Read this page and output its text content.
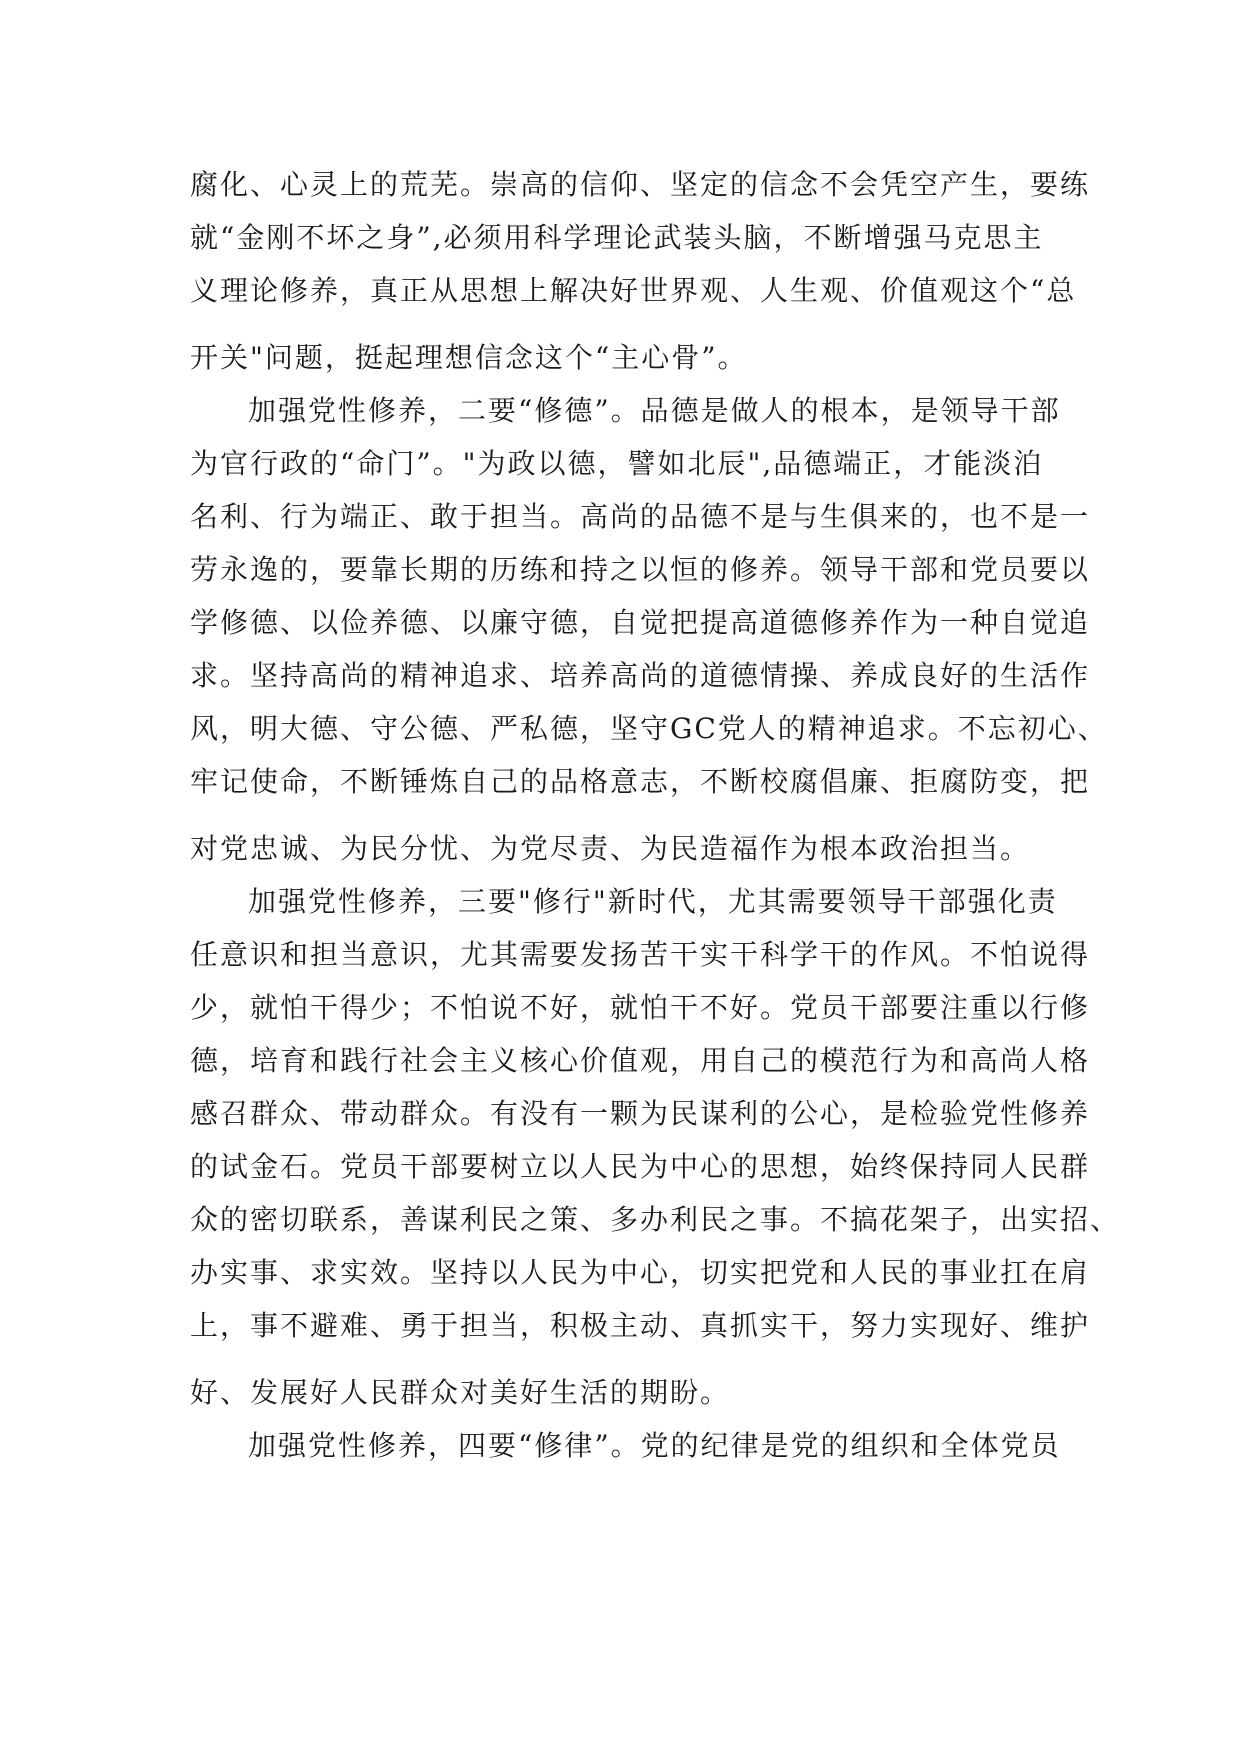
腐化、心灵上的荒芜。崇高的信仰、坚定的信念不会凭空产生，要练
就“金刚不坏之身”,必须用科学理论武装头脑，不断增强马克思主
义理论修养，真正从思想上解决好世界观、人生观、价值观这个“总
开关"问题，挺起理想信念这个“主心骨”。
加强党性修养，二要“修德”。品德是做人的根本，是领导干部
为官行政的“命门”。"为政以德，譬如北辰",品德端正，才能淡泊
名利、行为端正、敢于担当。高尚的品德不是与生俱来的，也不是一
劳永逸的，要靠长期的历练和持之以恒的修养。领导干部和党员要以
学修德、以俭养德、以廉守德，自觉把提高道德修养作为一种自觉追
求。坚持高尚的精神追求、培养高尚的道德情操、养成良好的生活作
风，明大德、守公德、严私德，坚守GC党人的精神追求。不忘初心、
牢记使命，不断锤炼自己的品格意志，不断校腐倡廉、拒腐防变，把
对党忠诚、为民分忧、为党尽责、为民造福作为根本政治担当。
加强党性修养，三要"修行"新时代，尤其需要领导干部强化责
任意识和担当意识，尤其需要发扬苦干实干科学干的作风。不怕说得
少，就怕干得少；不怕说不好，就怕干不好。党员干部要注重以行修
德，培育和践行社会主义核心价值观，用自己的模范行为和高尚人格
感召群众、带动群众。有没有一颗为民谋利的公心，是检验党性修养
的试金石。党员干部要树立以人民为中心的思想，始终保持同人民群
众的密切联系，善谋利民之策、多办利民之事。不搞花架子，出实招、
办实事、求实效。坚持以人民为中心，切实把党和人民的事业扛在肩
上，事不避难、勇于担当，积极主动、真抓实干，努力实现好、维护
好、发展好人民群众对美好生活的期盼。
加强党性修养，四要“修律”。党的纪律是党的组织和全体党员
